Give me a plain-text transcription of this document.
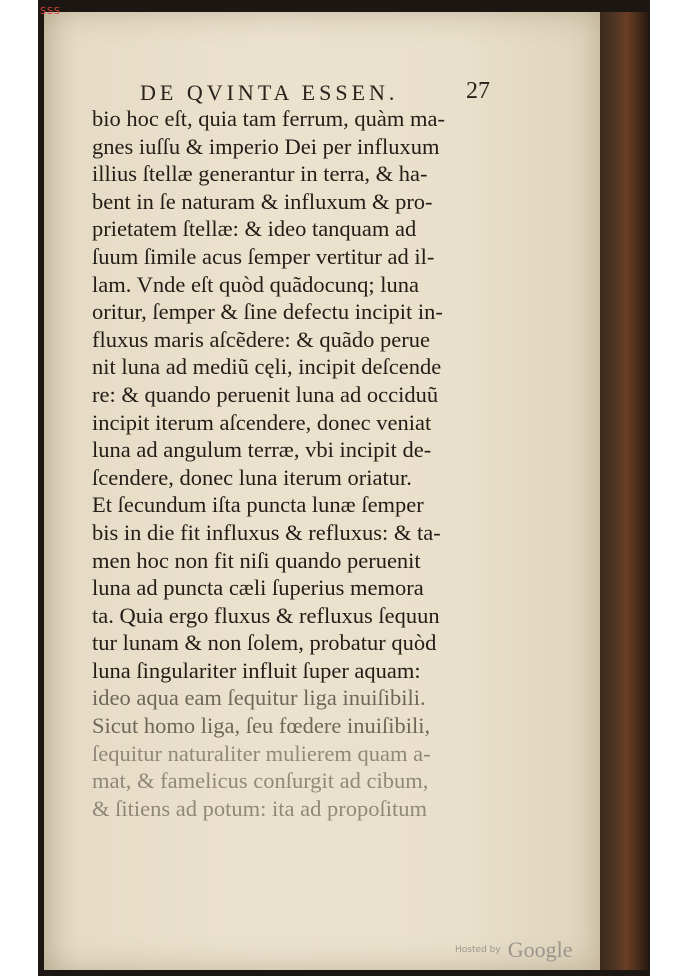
SSS
DE QVINTA ESSEN.	27
bio hoc eſt, quia tam ferrum, quàm ma-
gnes iuſſu & imperio Dei per influxum
illius ſtellæ generantur in terra, & ha-
bent in ſe naturam & influxum & pro-
prietatem ſtellæ: & ideo tanquam ad
ſuum ſimile acus ſemper vertitur ad il-
lam. Vnde eſt quòd quãdocunq; luna
oritur, ſemper & ſine defectu incipit in-
fluxus maris aſcẽdere: & quãdo perue
nit luna ad mediũ cęli, incipit deſcende
re: & quando peruenit luna ad occiduũ
incipit iterum aſcendere, donec veniat
luna ad angulum terræ, vbi incipit de-
ſcendere, donec luna iterum oriatur.
Et ſecundum iſta puncta lunæ ſemper
bis in die fit influxus & refluxus: & ta-
men hoc non fit niſi quando peruenit
luna ad puncta cæli ſuperius memora
ta. Quia ergo fluxus & refluxus ſequun
tur lunam & non ſolem, probatur quòd
luna ſingulariter influit ſuper aquam:
ideo aqua eam ſequitur liga inuiſibili.
Sicut homo liga, ſeu fœdere inuiſibili,
ſequitur naturaliter mulierem quam a-
mat, & famelicus conſurgit ad cibum,
& ſitiens ad potum: ita ad propoſitum
Hosted by Google
